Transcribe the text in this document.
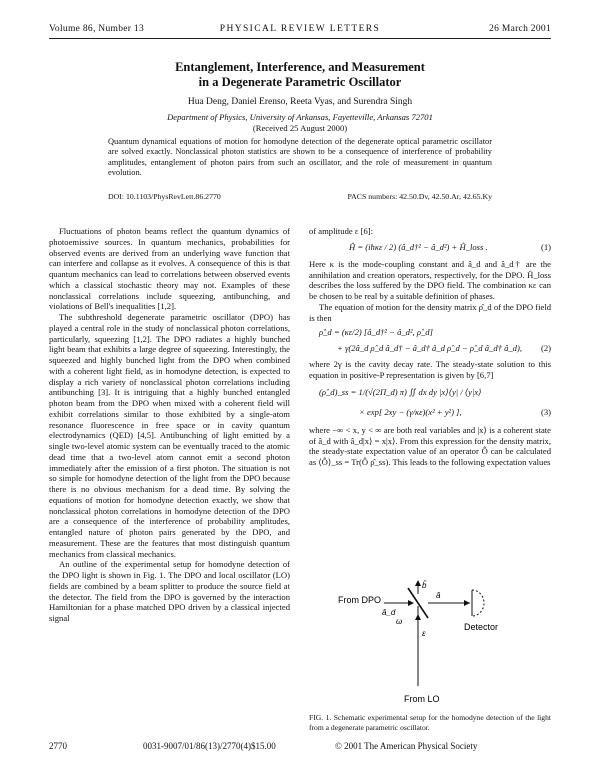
Volume 86, Number 13	PHYSICAL REVIEW LETTERS	26 March 2001
Entanglement, Interference, and Measurement
in a Degenerate Parametric Oscillator
Hua Deng, Daniel Erenso, Reeta Vyas, and Surendra Singh
Department of Physics, University of Arkansas, Fayetteville, Arkansas 72701
(Received 25 August 2000)
Quantum dynamical equations of motion for homodyne detection of the degenerate optical parametric oscillator are solved exactly. Nonclassical photon statistics are shown to be a consequence of interference of probability amplitudes, entanglement of photon pairs from such an oscillator, and the role of measurement in quantum evolution.
DOI: 10.1103/PhysRevLett.86.2770	PACS numbers: 42.50.Dv, 42.50.Ar, 42.65.Ky

Fluctuations of photon beams reflect the quantum dynamics of photoemissive sources. In quantum mechanics, probabilities for observed events are derived from an underlying wave function that can interfere and collapse as it evolves. A consequence of this is that quantum mechanics can lead to correlations between observed events which a classical stochastic theory may not. Examples of these nonclassical correlations include squeezing, antibunching, and violations of Bell's inequalities [1,2].

The subthreshold degenerate parametric oscillator (DPO) has played a central role in the study of nonclassical photon correlations, particularly, squeezing [1,2]. The DPO radiates a highly bunched light beam that exhibits a large degree of squeezing. Interestingly, the squeezed and highly bunched light from the DPO when combined with a coherent light field, as in homodyne detection, is expected to display a rich variety of nonclassical photon correlations including antibunching [3]. It is intriguing that a highly bunched entangled photon beam from the DPO when mixed with a coherent field will exhibit correlations similar to those exhibited by a single-atom resonance fluorescence in free space or in cavity quantum electrodynamics (QED) [4,5]. Antibunching of light emitted by a single two-level atomic system can be eventually traced to the atomic dead time that a two-level atom cannot emit a second photon immediately after the emission of a first photon. The situation is not so simple for homodyne detection of the light from the DPO because there is no obvious mechanism for a dead time. By solving the equations of motion for homodyne detection exactly, we show that nonclassical photon correlations in homodyne detection of the DPO are a consequence of the interference of probability amplitudes, entangled nature of photon pairs generated by the DPO, and measurement. These are the features that most distinguish quantum mechanics from classical mechanics.

An outline of the experimental setup for homodyne detection of the DPO light is shown in Fig. 1. The DPO and local oscillator (LO) fields are combined by a beam splitter to produce the source field at the detector. The field from the DPO is governed by the interaction Hamiltonian for a phase matched DPO driven by a classical injected signal

of amplitude ε [6]:

Ĥ = (iħκε / 2) (â_d†² − â_d²) + Ĥ_loss .	(1)

Here κ is the mode-coupling constant and â_d and â_d† are the annihilation and creation operators, respectively, for the DPO. Ĥ_loss describes the loss suffered by the DPO field. The combination κε can be chosen to be real by a suitable definition of phases.

The equation of motion for the density matrix ρ̂_d of the DPO field is then

ρ̂̇_d = (κε/2) [â_d†² − â_d², ρ̂_d]
+ γ(2â_d ρ̂_d â_d† − â_d† â_d ρ̂_d − ρ̂_d â_d† â_d), (2)

where 2γ is the cavity decay rate. The steady-state solution to this equation in positive-P representation is given by [6,7]

(ρ̂_d)_ss = 1/(√(2Π_d) π) ∬ dx dy |x⟩⟨y| / ⟨y|x⟩
× exp[ 2xy − (γ/κε)(x² + y²) ],	(3)

where −∞ < x, y < ∞ are both real variables and |x⟩ is a coherent state of â_d with â_d|x⟩ = x|x⟩. From this expression for the density matrix, the steady-state expectation value of an operator Ô can be calculated as ⟨Ô⟩_ss = Tr(Ô ρ̂_ss). This leads to the following expectation values

From DPO
â_d
b̂
ω
â
ε
Detector
From LO
FIG. 1. Schematic experimental setup for the homodyne detection of the light from a degenerate parametric oscillator.
2770	0031-9007/01/86(13)/2770(4)$15.00	© 2001 The American Physical Society
